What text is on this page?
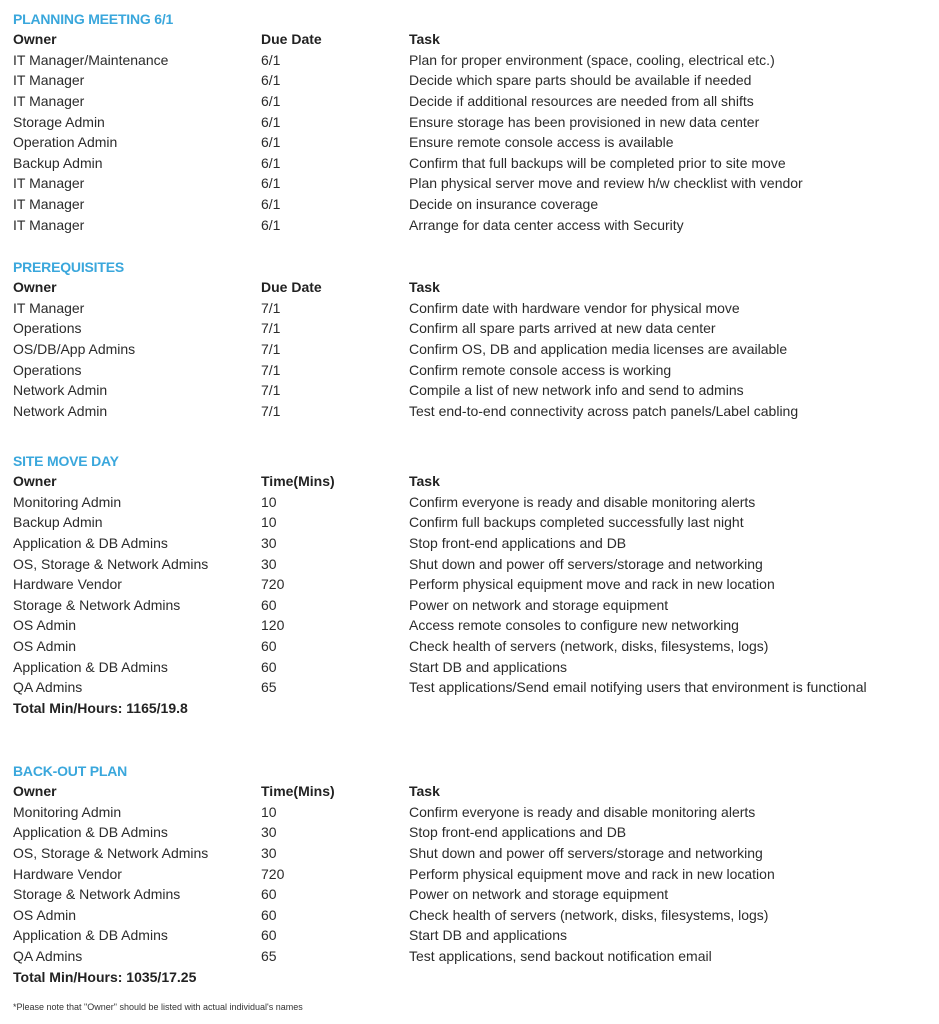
PLANNING MEETING 6/1
Owner	Due Date	Task
IT Manager/Maintenance	6/1	Plan for proper environment (space, cooling, electrical etc.)
IT Manager	6/1	Decide which spare parts should be available if needed
IT Manager	6/1	Decide if additional resources are needed from all shifts
Storage Admin	6/1	Ensure storage has been provisioned in new data center
Operation Admin	6/1	Ensure remote console access is available
Backup Admin	6/1	Confirm that full backups will be completed prior to site move
IT Manager	6/1	Plan physical server move and review h/w checklist with vendor
IT Manager	6/1	Decide on insurance coverage
IT Manager	6/1	Arrange for data center access with Security
PREREQUISITES
Owner	Due Date	Task
IT Manager	7/1	Confirm date with hardware vendor for physical move
Operations	7/1	Confirm all spare parts arrived at new data center
OS/DB/App Admins	7/1	Confirm OS, DB and application media licenses are available
Operations	7/1	Confirm remote console access is working
Network Admin	7/1	Compile a list of new network info and send to admins
Network Admin	7/1	Test end-to-end connectivity across patch panels/Label cabling
SITE MOVE DAY
Owner	Time(Mins)	Task
Monitoring Admin	10	Confirm everyone is ready and disable monitoring alerts
Backup Admin	10	Confirm full backups completed successfully last night
Application & DB Admins	30	Stop front-end applications and DB
OS, Storage & Network Admins	30	Shut down and power off servers/storage and networking
Hardware Vendor	720	Perform physical equipment move and rack in new location
Storage & Network Admins	60	Power on network and storage equipment
OS Admin	120	Access remote consoles to configure new networking
OS Admin	60	Check health of servers (network, disks, filesystems, logs)
Application & DB Admins	60	Start DB and applications
QA Admins	65	Test applications/Send email notifying users that environment is functional
Total Min/Hours: 1165/19.8
BACK-OUT PLAN
Owner	Time(Mins)	Task
Monitoring Admin	10	Confirm everyone is ready and disable monitoring alerts
Application & DB Admins	30	Stop front-end applications and DB
OS, Storage & Network Admins	30	Shut down and power off servers/storage and networking
Hardware Vendor	720	Perform physical equipment move and rack in new location
Storage & Network Admins	60	Power on network and storage equipment
OS Admin	60	Check health of servers (network, disks, filesystems, logs)
Application & DB Admins	60	Start DB and applications
QA Admins	65	Test applications, send backout notification email
Total Min/Hours: 1035/17.25
*Please note that "Owner" should be listed with actual individual's names
